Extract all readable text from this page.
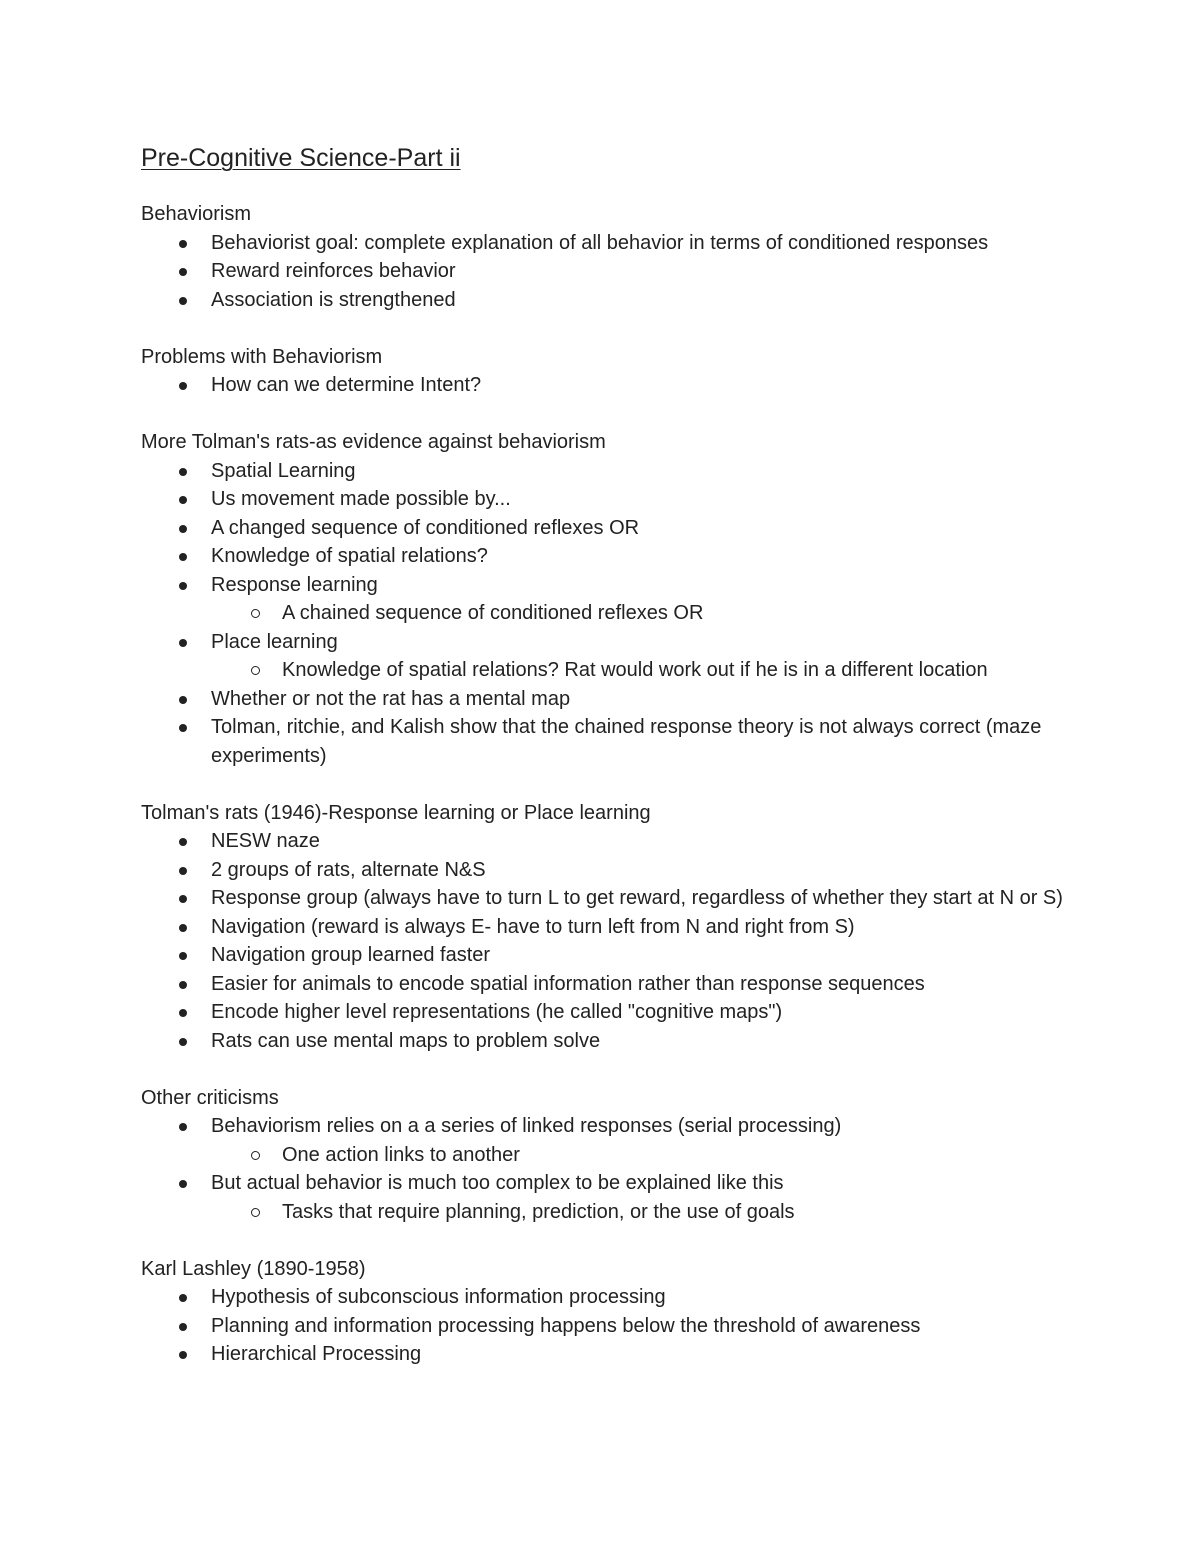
Pre-Cognitive Science-Part ii
Behaviorism
Behaviorist goal: complete explanation of all behavior in terms of conditioned responses
Reward reinforces behavior
Association is strengthened
Problems with Behaviorism
How can we determine Intent?
More Tolman's rats-as evidence against behaviorism
Spatial Learning
Us movement made possible by...
A changed sequence of conditioned reflexes OR
Knowledge of spatial relations?
Response learning
A chained sequence of conditioned reflexes OR
Place learning
Knowledge of spatial relations? Rat would work out if he is in a different location
Whether or not the rat has a mental map
Tolman, ritchie, and Kalish show that the chained response theory is not always correct (maze experiments)
Tolman's rats (1946)-Response learning or Place learning
NESW naze
2 groups of rats, alternate N&S
Response group (always have to turn L to get reward, regardless of whether they start at N or S)
Navigation (reward is always E- have to turn left from N and right from S)
Navigation group learned faster
Easier for animals to encode spatial information rather than response sequences
Encode higher level representations (he called "cognitive maps")
Rats can use mental maps to problem solve
Other criticisms
Behaviorism relies on a a series of linked responses (serial processing)
One action links to another
But actual behavior is much too complex to be explained like this
Tasks that require planning, prediction, or the use of goals
Karl Lashley (1890-1958)
Hypothesis of subconscious information processing
Planning and information processing happens below the threshold of awareness
Hierarchical Processing
